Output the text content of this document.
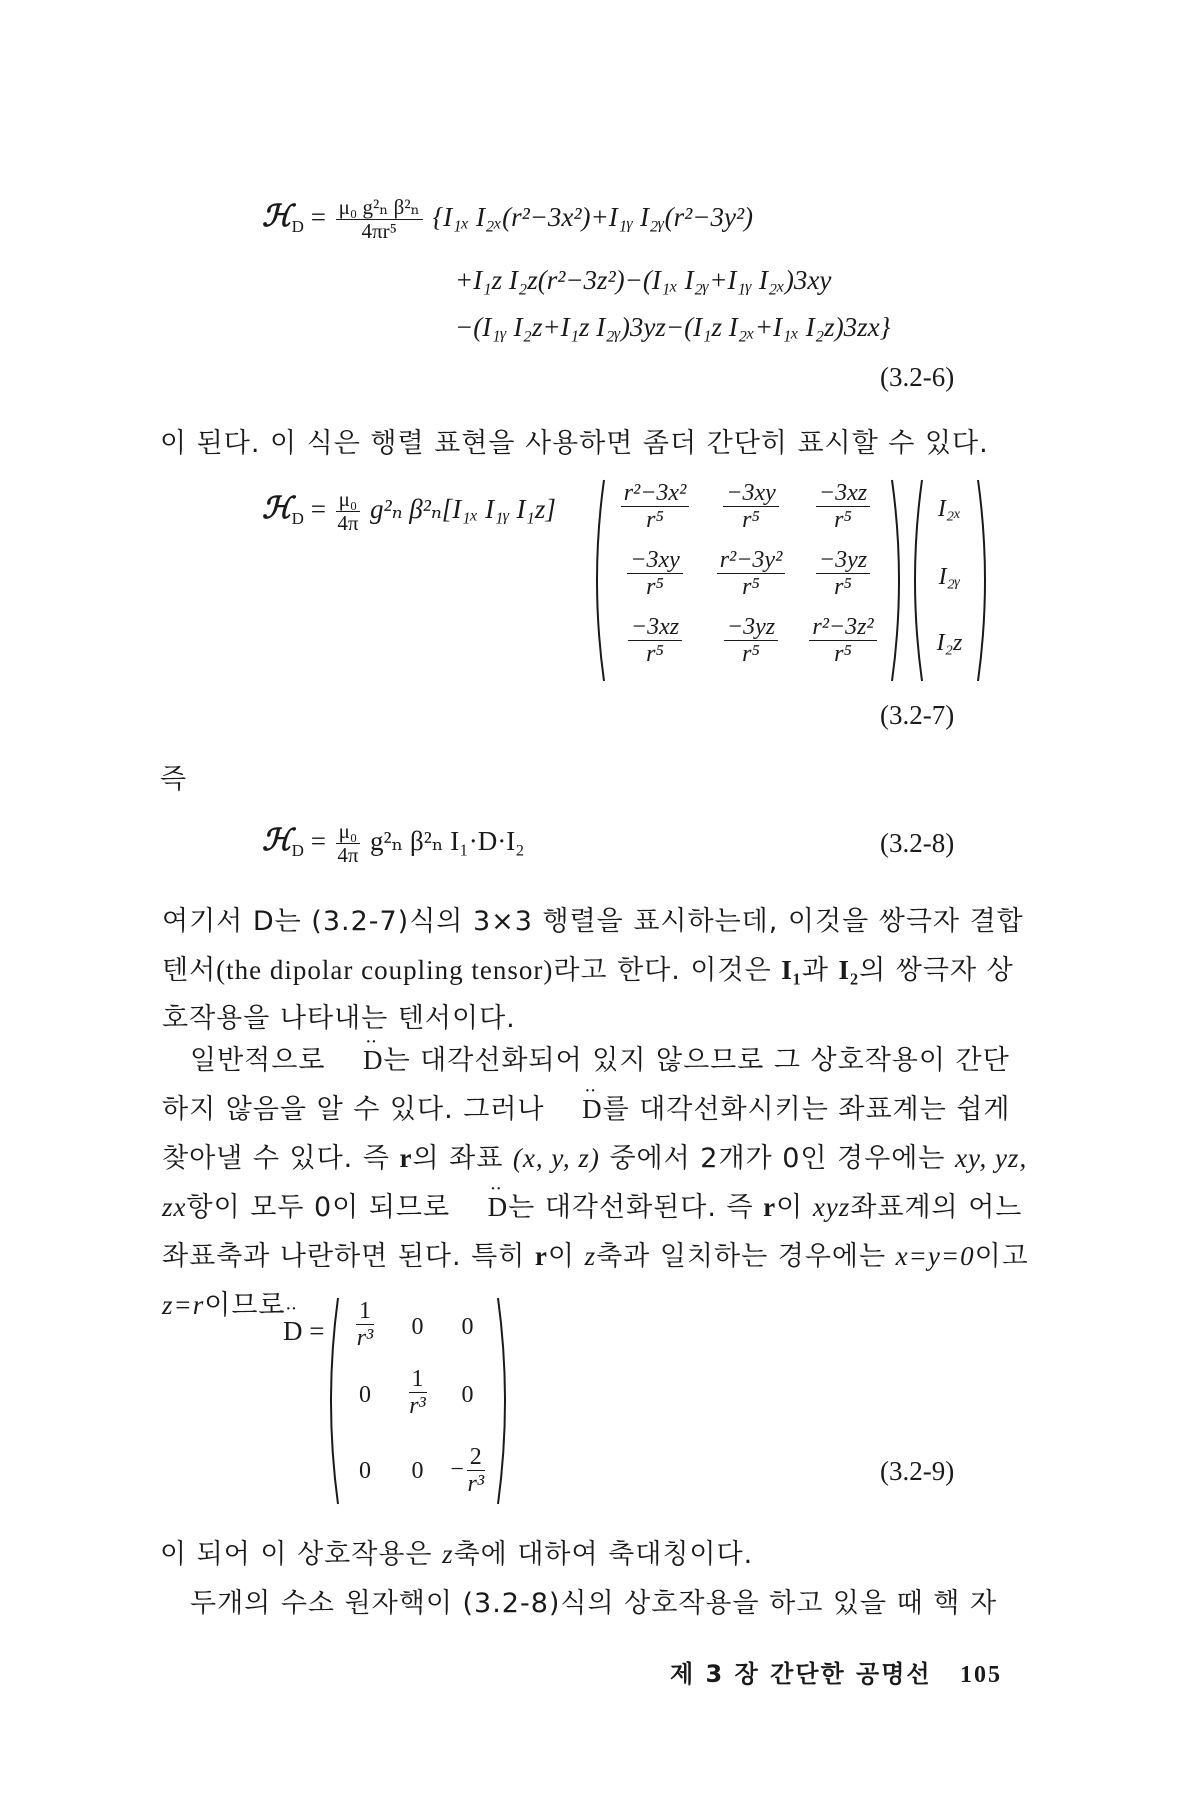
ℋ$_D$ = $\frac{\text{μ₀ g²ₙ β²ₙ}}{\text{4πr⁵}} \{I_{1x}$ I₂ₓ(r²−3x²)+I₁ᵧ I₂ᵧ(r²−3y²)
+I₁z I₂z(r²−3z²)−(I₁ₓ I₂ᵧ+I₁ᵧ I₂ₓ)3xy
−(I₁ᵧ I₂z+I₁z I₂ᵧ)3yz−(I₁z I₂ₓ+I₁ₓ I₂z)3zx}
(3.2-6)

이 된다. 이 식은 행렬 표현을 사용하면 좀더 간단히 표시할 수 있다.

ℋ$_D$ = $\frac{\text{μ₀}}{4\pi} g^2_n$ β²ₙ[I₁ₓ I₁ᵧ I₁z]	$\frac{\text{r²−3x²}}{\text{r⁵}} \frac{-3xy}{\text{r⁵}} \frac{-3xz}{\text{r⁵}}$
$\frac{-3xy}{\text{r⁵}} \frac{\text{r²−3y²}}{\text{r⁵}} \frac{-3yz}{\text{r⁵}}$
$\frac{-3xz}{\text{r⁵}} \frac{-3yz}{\text{r⁵}} \frac{\text{r²−3z²}}{\text{r⁵}}$
I₂ₓ
I₂ᵧ
I₂z
(3.2-7)

즉

ℋ$_D$ = $\frac{\text{μ₀}}{4\pi} g^2_n$ β²ₙ I₁·D·I₂	(3.2-8)

여기서 D는 (3.2-7)식의 3×3 행렬을 표시하는데, 이것을 쌍극자 결합 텐서(the dipolar coupling tensor)라고 한다. 이것은 I₁과 I₂의 쌍극자 상호작용을 나타내는 텐서이다.

일반적으로 ·· D는 대각선화되어 있지 않으므로 그 상호작용이 간단하지 않음을 알 수 있다. 그러나 ·· D를 대각선화시키는 좌표계는 쉽게 찾아낼 수 있다. 즉 r의 좌표 (x, y, z) 중에서 2개가 0인 경우에는 xy, yz, zx항이 모두 0이 되므로 ·· D는 대각선화된다. 즉 r이 xyz좌표계의 어느 좌표축과 나란하면 된다. 특히 r이 z축과 일치하는 경우에는 x=y=0이고 z=r이므로

·· $D = \frac{1}{\text{r³}}$	0	0
0	$\frac{1}{\text{r³}}$	0
0	0	− $\frac{2}{\text{r³}}$	(3.2-9)

이 되어 이 상호작용은 z축에 대하여 축대칭이다.

두개의 수소 원자핵이 (3.2-8)식의 상호작용을 하고 있을 때 핵 자

제 3 장 간단한 공명선 105
